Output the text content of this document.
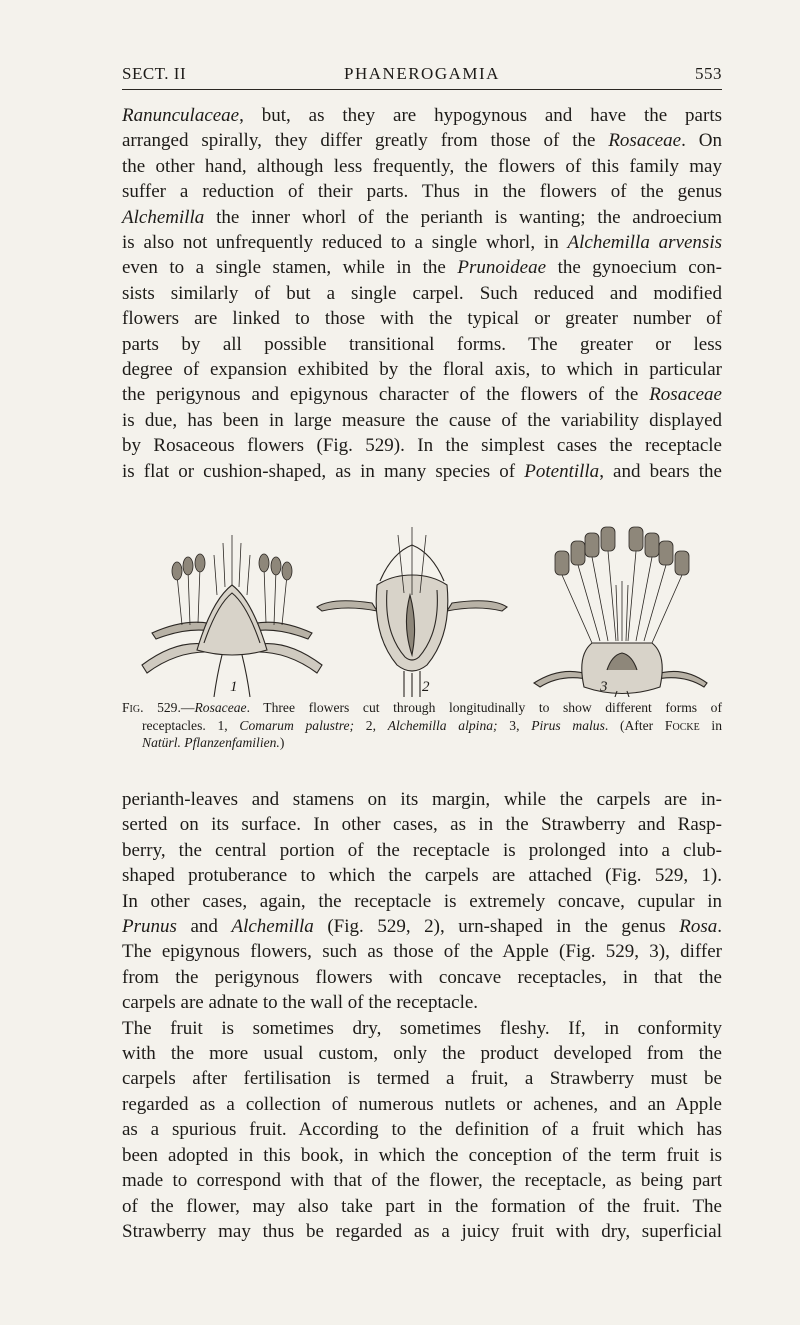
SECT. II	PHANEROGAMIA	553
Ranunculaceae, but, as they are hypogynous and have the parts
arranged spirally, they differ greatly from those of the Rosaceae. On
the other hand, although less frequently, the flowers of this family may
suffer a reduction of their parts. Thus in the flowers of the genus
Alchemilla the inner whorl of the perianth is wanting; the androecium
is also not unfrequently reduced to a single whorl, in Alchemilla arvensis
even to a single stamen, while in the Prunoideae the gynoecium con-
sists similarly of but a single carpel. Such reduced and modified
flowers are linked to those with the typical or greater number of
parts by all possible transitional forms. The greater or less
degree of expansion exhibited by the floral axis, to which in particular
the perigynous and epigynous character of the flowers of the Rosaceae
is due, has been in large measure the cause of the variability displayed
by Rosaceous flowers (Fig. 529). In the simplest cases the receptacle
is flat or cushion-shaped, as in many species of Potentilla, and bears the
1	2	3
Fig. 529.—Rosaceae. Three flowers cut through longitudinally to show different forms of
receptacles. 1, Comarum palustre; 2, Alchemilla alpina; 3, Pirus malus. (After Focke in
Natürl. Pflanzenfamilien.)
perianth-leaves and stamens on its margin, while the carpels are in-
serted on its surface. In other cases, as in the Strawberry and Rasp-
berry, the central portion of the receptacle is prolonged into a club-
shaped protuberance to which the carpels are attached (Fig. 529, 1).
In other cases, again, the receptacle is extremely concave, cupular in
Prunus and Alchemilla (Fig. 529, 2), urn-shaped in the genus Rosa.
The epigynous flowers, such as those of the Apple (Fig. 529, 3), differ
from the perigynous flowers with concave receptacles, in that the
carpels are adnate to the wall of the receptacle.
The fruit is sometimes dry, sometimes fleshy. If, in conformity
with the more usual custom, only the product developed from the
carpels after fertilisation is termed a fruit, a Strawberry must be
regarded as a collection of numerous nutlets or achenes, and an Apple
as a spurious fruit. According to the definition of a fruit which has
been adopted in this book, in which the conception of the term fruit is
made to correspond with that of the flower, the receptacle, as being part
of the flower, may also take part in the formation of the fruit. The
Strawberry may thus be regarded as a juicy fruit with dry, superficial
